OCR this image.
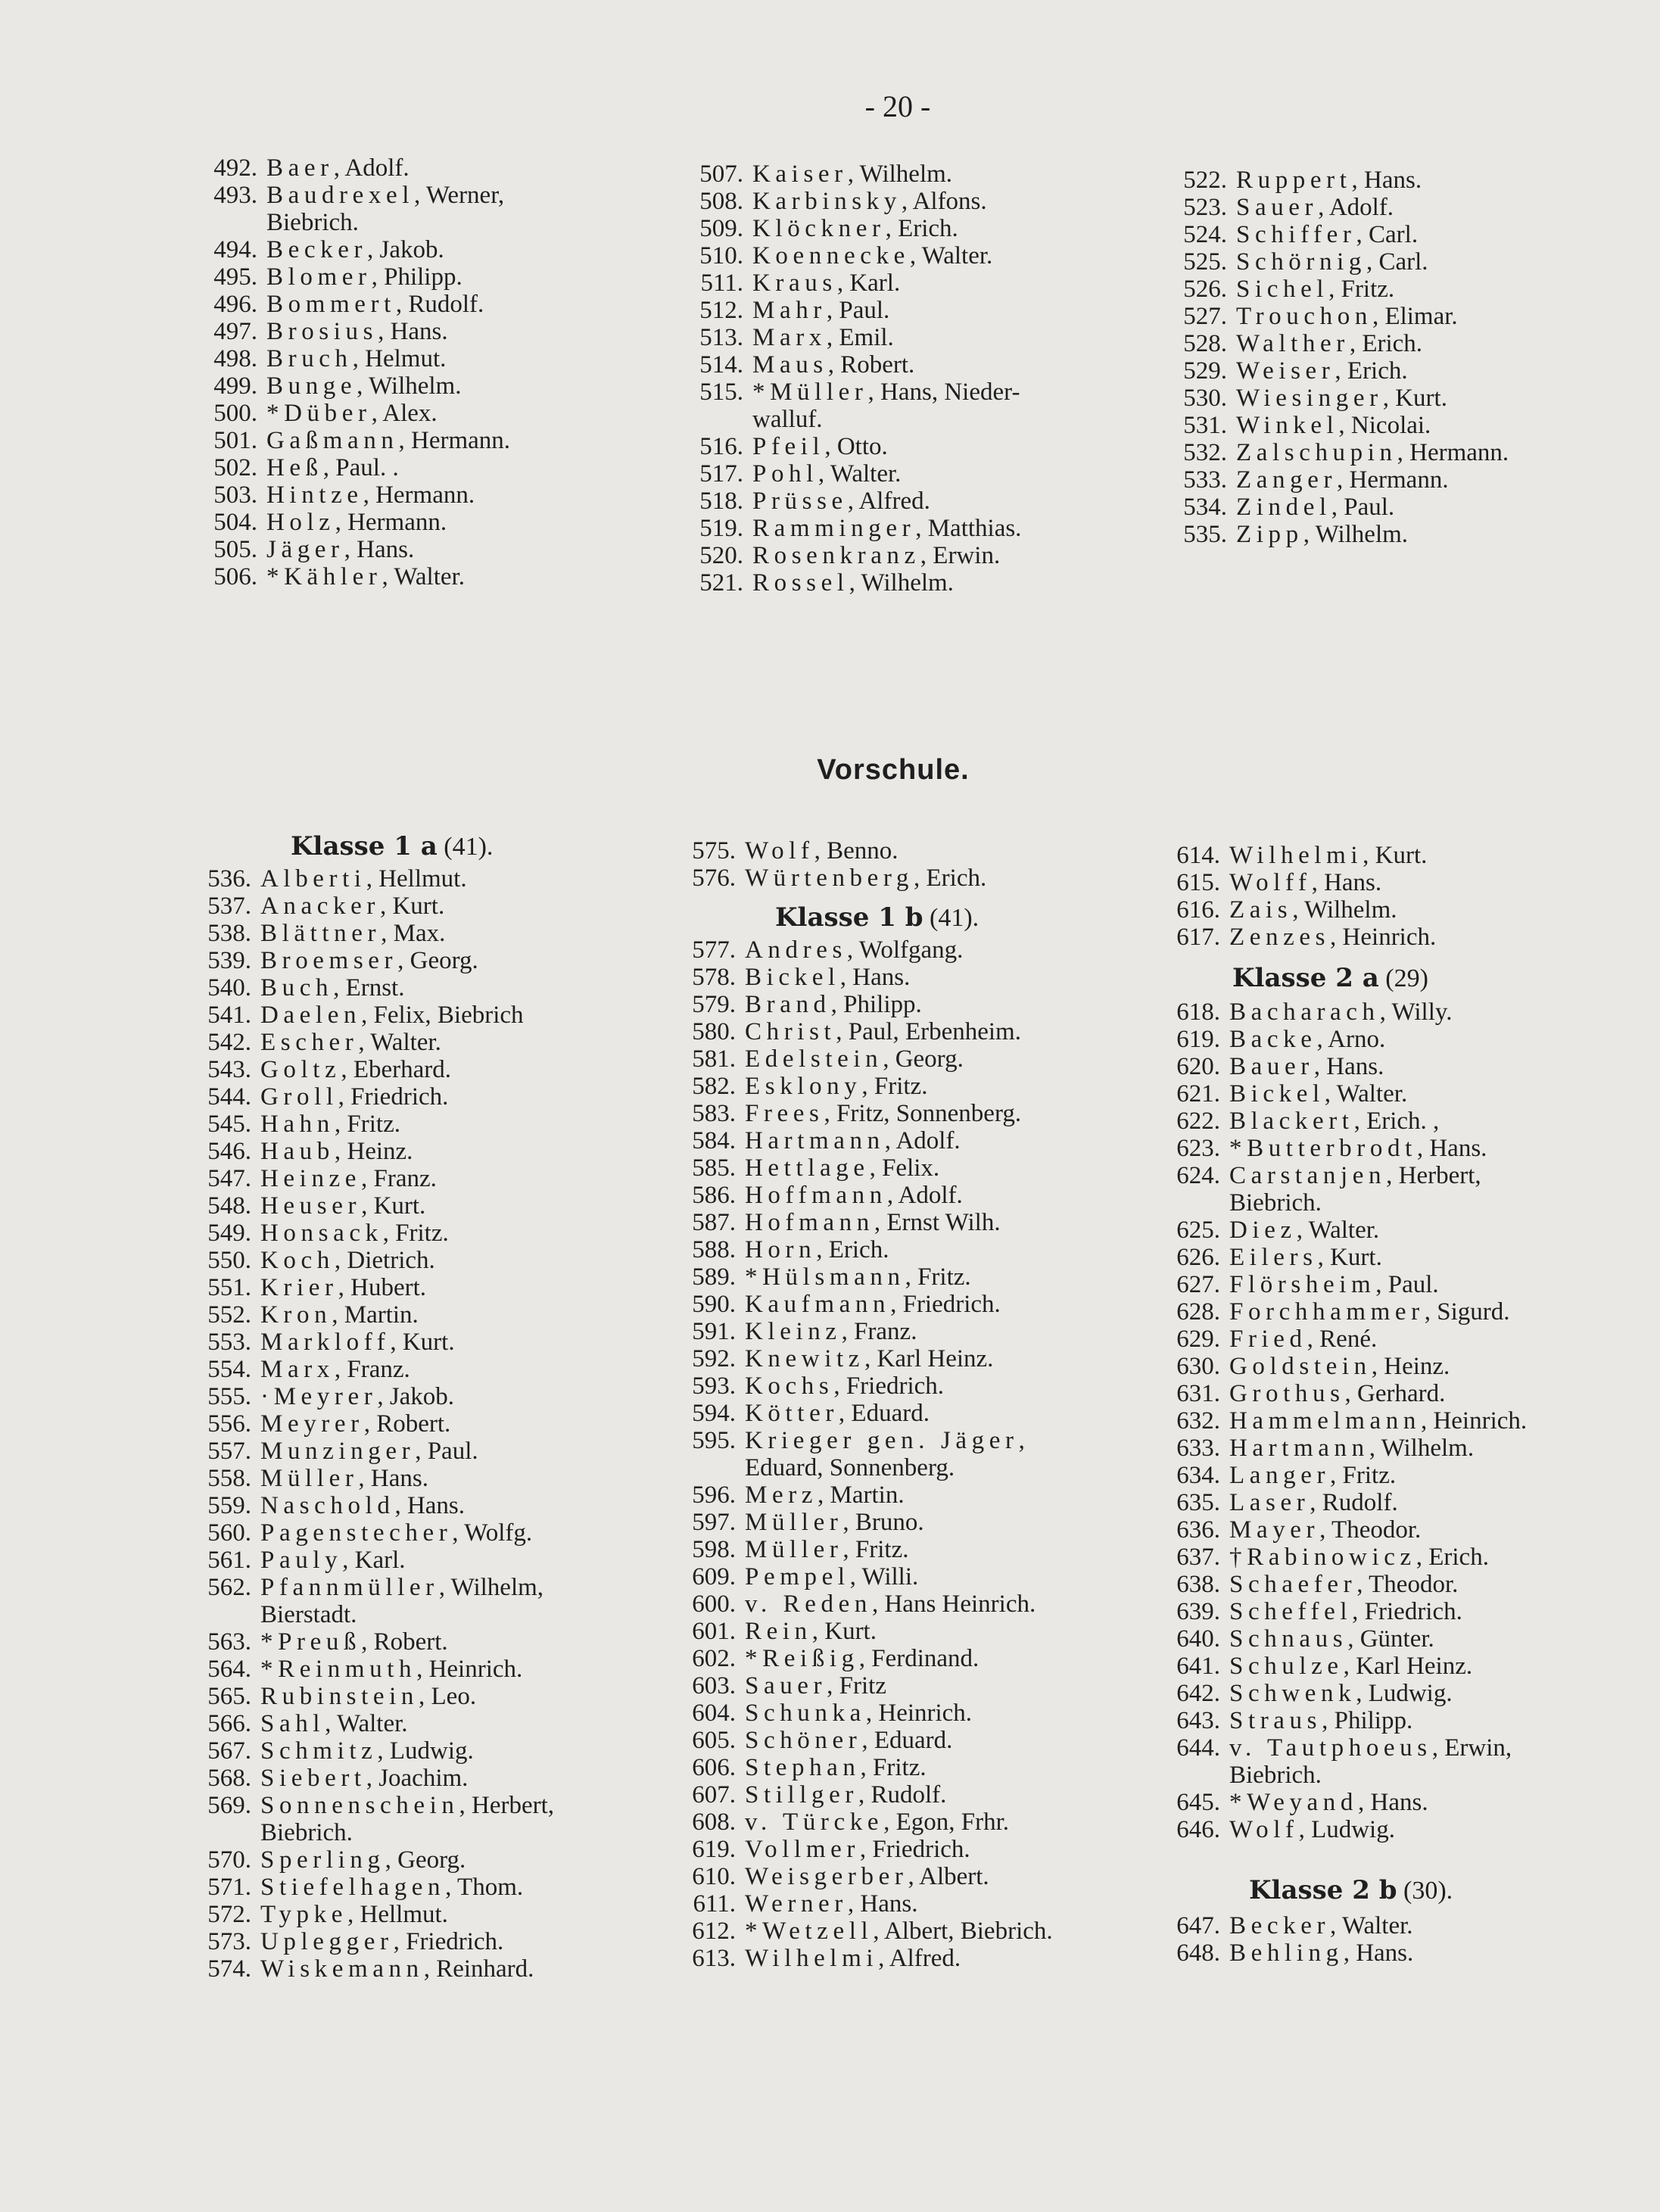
- 20 -
492. Baer, Adolf.
493. Baudrexel, Werner,
Biebrich.
494. Becker, Jakob.
495. Blomer, Philipp.
496. Bommert, Rudolf.
497. Brosius, Hans.
498. Bruch, Helmut.
499. Bunge, Wilhelm.
500. *Düber, Alex.
501. Gaßmann, Hermann.
502. Heß, Paul. .
503. Hintze, Hermann.
504. Holz, Hermann.
505. Jäger, Hans.
506. *Kähler, Walter.
507. Kaiser, Wilhelm.
508. Karbinsky, Alfons.
509. Klöckner, Erich.
510. Koennecke, Walter.
511. Kraus, Karl.
512. Mahr, Paul.
513. Marx, Emil.
514. Maus, Robert.
515. *Müller, Hans, Nieder-
walluf.
516. Pfeil, Otto.
517. Pohl, Walter.
518. Prüsse, Alfred.
519. Ramminger, Matthias.
520. Rosenkranz, Erwin.
521. Rossel, Wilhelm.
522. Ruppert, Hans.
523. Sauer, Adolf.
524. Schiffer, Carl.
525. Schörnig, Carl.
526. Sichel, Fritz.
527. Trouchon, Elimar.
528. Walther, Erich.
529. Weiser, Erich.
530. Wiesinger, Kurt.
531. Winkel, Nicolai.
532. Zalschupin, Hermann.
533. Zanger, Hermann.
534. Zindel, Paul.
535. Zipp, Wilhelm.
Vorschule.
Klasse 1 a (41).
536. Alberti, Hellmut.
537. Anacker, Kurt.
538. Blättner, Max.
539. Broemser, Georg.
540. Buch, Ernst.
541. Daelen, Felix, Biebrich
542. Escher, Walter.
543. Goltz, Eberhard.
544. Groll, Friedrich.
545. Hahn, Fritz.
546. Haub, Heinz.
547. Heinze, Franz.
548. Heuser, Kurt.
549. Honsack, Fritz.
550. Koch, Dietrich.
551. Krier, Hubert.
552. Kron, Martin.
553. Markloff, Kurt.
554. Marx, Franz.
555. ·Meyrer, Jakob.
556. Meyrer, Robert.
557. Munzinger, Paul.
558. Müller, Hans.
559. Naschold, Hans.
560. Pagenstecher, Wolfg.
561. Pauly, Karl.
562. Pfannmüller, Wilhelm,
Bierstadt.
563. *Preuß, Robert.
564. *Reinmuth, Heinrich.
565. Rubinstein, Leo.
566. Sahl, Walter.
567. Schmitz, Ludwig.
568. Siebert, Joachim.
569. Sonnenschein, Herbert,
Biebrich.
570. Sperling, Georg.
571. Stiefelhagen, Thom.
572. Typke, Hellmut.
573. Uplegger, Friedrich.
574. Wiskemann, Reinhard.
575. Wolf, Benno.
576. Würtenberg, Erich.
Klasse 1 b (41).
577. Andres, Wolfgang.
578. Bickel, Hans.
579. Brand, Philipp.
580. Christ, Paul, Erbenheim.
581. Edelstein, Georg.
582. Esklony, Fritz.
583. Frees, Fritz, Sonnenberg.
584. Hartmann, Adolf.
585. Hettlage, Felix.
586. Hoffmann, Adolf.
587. Hofmann, Ernst Wilh.
588. Horn, Erich.
589. *Hülsmann, Fritz.
590. Kaufmann, Friedrich.
591. Kleinz, Franz.
592. Knewitz, Karl Heinz.
593. Kochs, Friedrich.
594. Kötter, Eduard.
595. Krieger gen. Jäger,
Eduard, Sonnenberg.
596. Merz, Martin.
597. Müller, Bruno.
598. Müller, Fritz.
609. Pempel, Willi.
600. v. Reden, Hans Heinrich.
601. Rein, Kurt.
602. *Reißig, Ferdinand.
603. Sauer, Fritz
604. Schunka, Heinrich.
605. Schöner, Eduard.
606. Stephan, Fritz.
607. Stillger, Rudolf.
608. v. Türcke, Egon, Frhr.
619. Vollmer, Friedrich.
610. Weisgerber, Albert.
611. Werner, Hans.
612. *Wetzell, Albert, Biebrich.
613. Wilhelmi, Alfred.
614. Wilhelmi, Kurt.
615. Wolff, Hans.
616. Zais, Wilhelm.
617. Zenzes, Heinrich.
Klasse 2 a (29)
618. Bacharach, Willy.
619. Backe, Arno.
620. Bauer, Hans.
621. Bickel, Walter.
622. Blackert, Erich. ,
623. *Butterbrodt, Hans.
624. Carstanjen, Herbert,
Biebrich.
625. Diez, Walter.
626. Eilers, Kurt.
627. Flörsheim, Paul.
628. Forchhammer, Sigurd.
629. Fried, René.
630. Goldstein, Heinz.
631. Grothus, Gerhard.
632. Hammelmann, Heinrich.
633. Hartmann, Wilhelm.
634. Langer, Fritz.
635. Laser, Rudolf.
636. Mayer, Theodor.
637. †Rabinowicz, Erich.
638. Schaefer, Theodor.
639. Scheffel, Friedrich.
640. Schnaus, Günter.
641. Schulze, Karl Heinz.
642. Schwenk, Ludwig.
643. Straus, Philipp.
644. v. Tautphoeus, Erwin,
Biebrich.
645. *Weyand, Hans.
646. Wolf, Ludwig.
Klasse 2 b (30).
647. Becker, Walter.
648. Behling, Hans.
